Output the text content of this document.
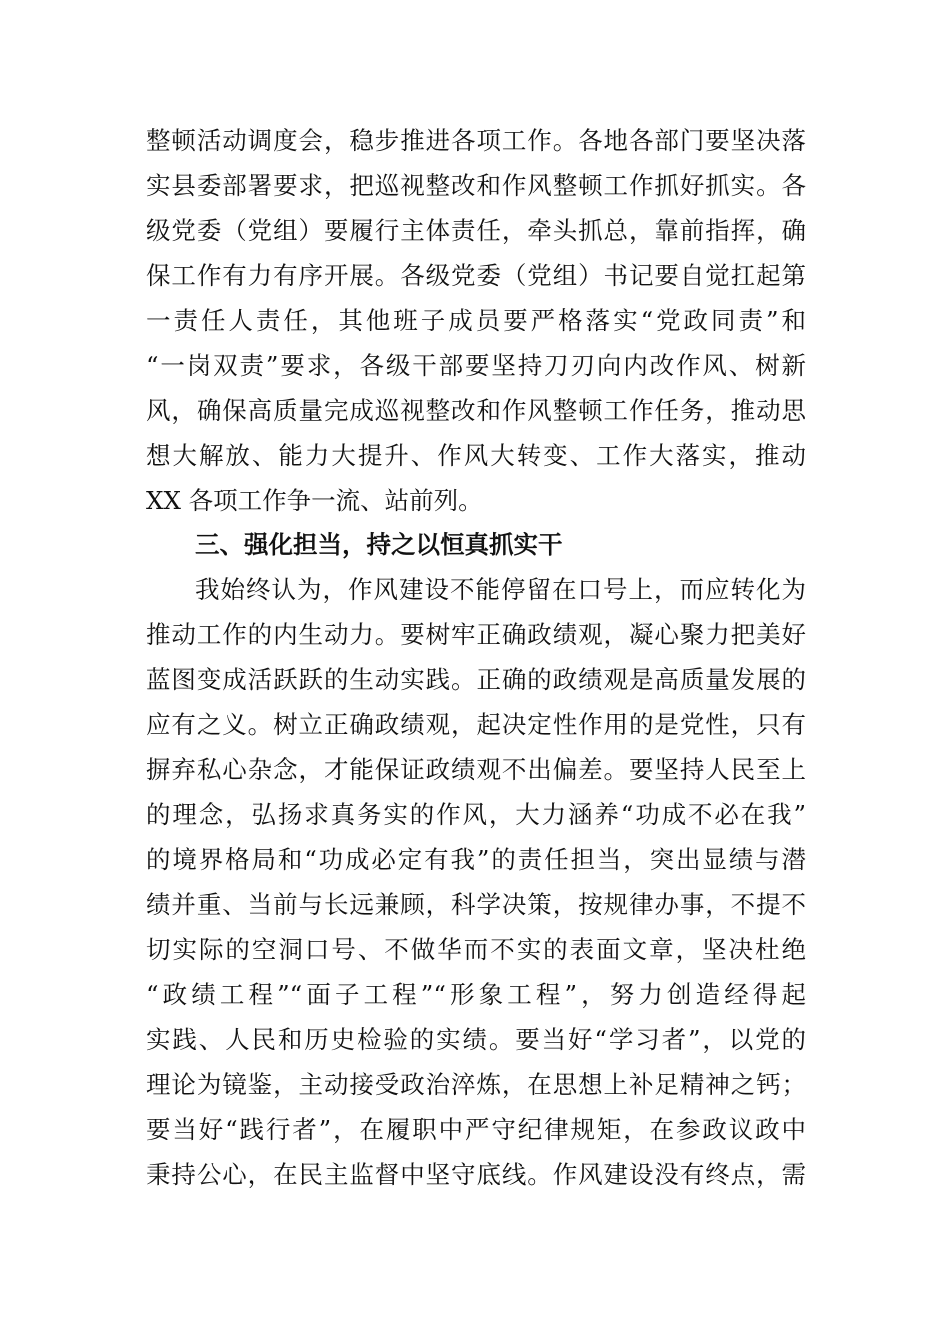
整顿活动调度会，稳步推进各项工作。各地各部门要坚决落
实县委部署要求，把巡视整改和作风整顿工作抓好抓实。各
级党委（党组）要履行主体责任，牵头抓总，靠前指挥，确
保工作有力有序开展。各级党委（党组）书记要自觉扛起第
一责任人责任，其他班子成员要严格落实“党政同责”和
“一岗双责”要求，各级干部要坚持刀刃向内改作风、树新
风，确保高质量完成巡视整改和作风整顿工作任务，推动思
想大解放、能力大提升、作风大转变、工作大落实，推动
XX 各项工作争一流、站前列。
三、强化担当，持之以恒真抓实干
我始终认为，作风建设不能停留在口号上，而应转化为
推动工作的内生动力。要树牢正确政绩观，凝心聚力把美好
蓝图变成活跃跃的生动实践。正确的政绩观是高质量发展的
应有之义。树立正确政绩观，起决定性作用的是党性，只有
摒弃私心杂念，才能保证政绩观不出偏差。要坚持人民至上
的理念，弘扬求真务实的作风，大力涵养“功成不必在我”
的境界格局和“功成必定有我”的责任担当，突出显绩与潜
绩并重、当前与长远兼顾，科学决策，按规律办事，不提不
切实际的空洞口号、不做华而不实的表面文章，坚决杜绝
“政绩工程”“面子工程”“形象工程”，努力创造经得起
实践、人民和历史检验的实绩。要当好“学习者”，以党的
理论为镜鉴，主动接受政治淬炼，在思想上补足精神之钙；
要当好“践行者”，在履职中严守纪律规矩，在参政议政中
秉持公心，在民主监督中坚守底线。作风建设没有终点，需
